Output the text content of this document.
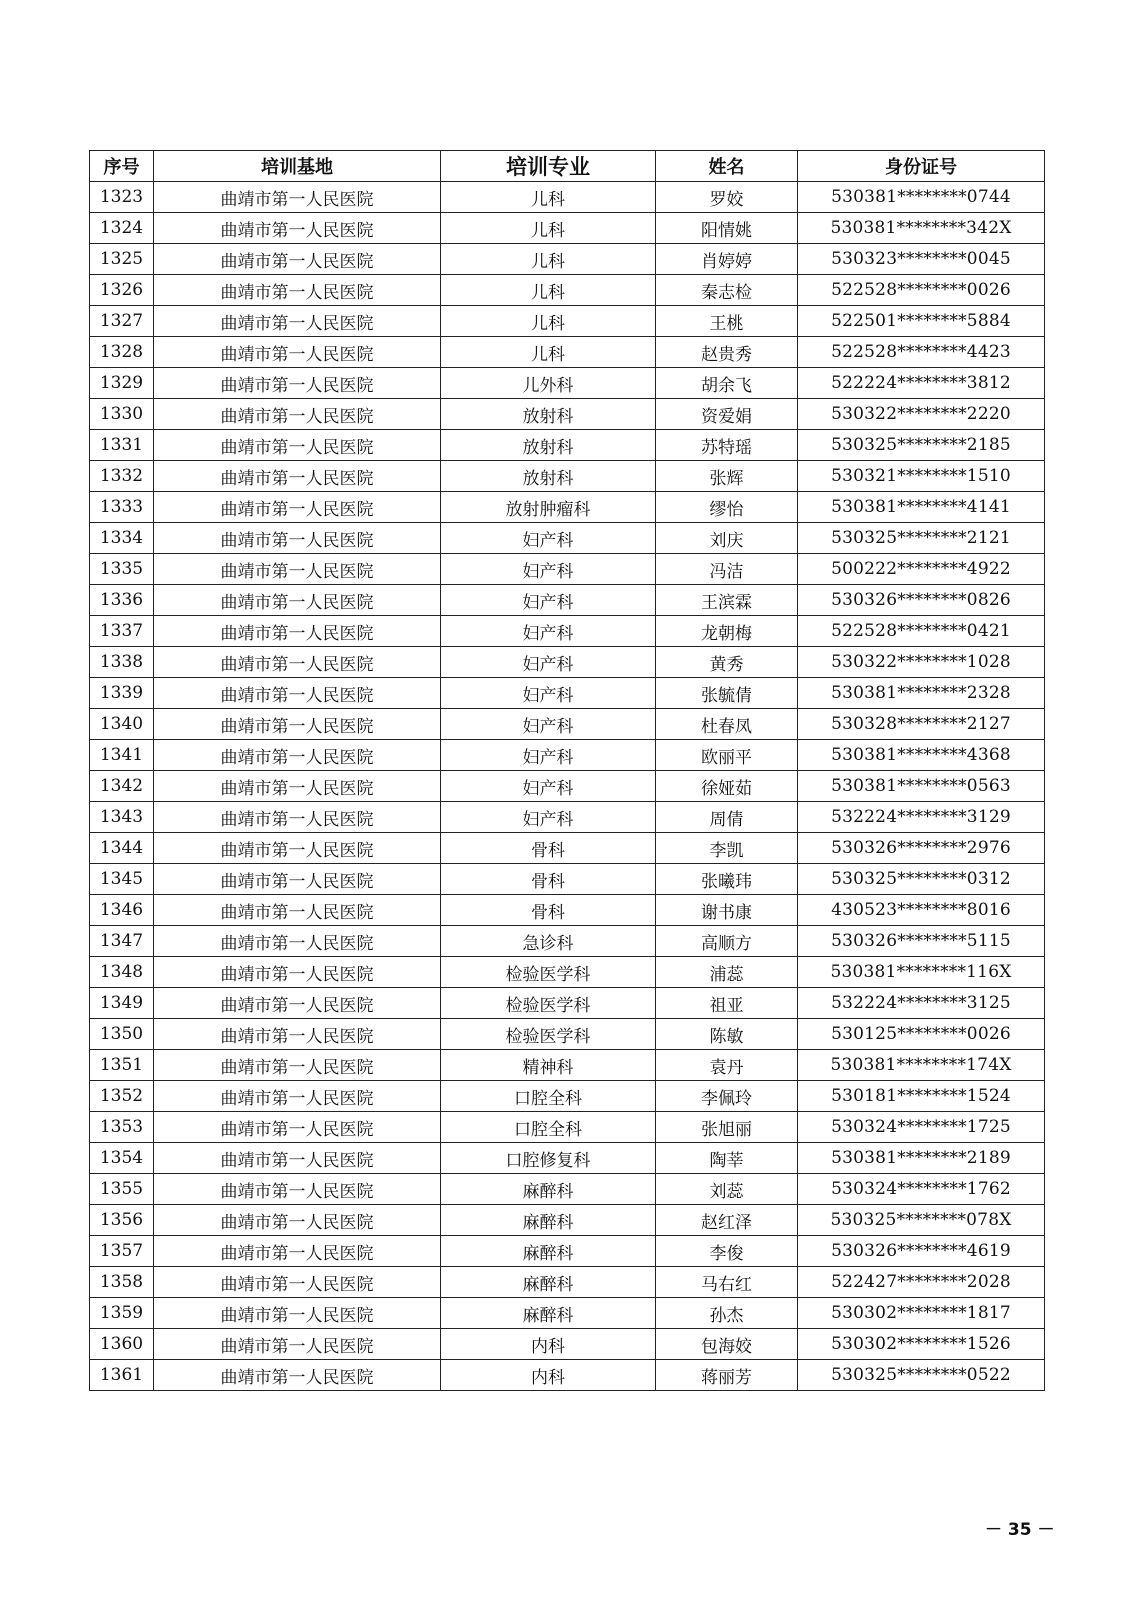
序号	培训基地	培训专业	姓名	身份证号
1323	曲靖市第一人民医院	儿科	罗姣	530381********0744
1324	曲靖市第一人民医院	儿科	阳情姚	530381********342X
1325	曲靖市第一人民医院	儿科	肖婷婷	530323********0045
1326	曲靖市第一人民医院	儿科	秦志检	522528********0026
1327	曲靖市第一人民医院	儿科	王桃	522501********5884
1328	曲靖市第一人民医院	儿科	赵贵秀	522528********4423
1329	曲靖市第一人民医院	儿外科	胡余飞	522224********3812
1330	曲靖市第一人民医院	放射科	资爱娟	530322********2220
1331	曲靖市第一人民医院	放射科	苏特瑶	530325********2185
1332	曲靖市第一人民医院	放射科	张辉	530321********1510
1333	曲靖市第一人民医院	放射肿瘤科	缪怡	530381********4141
1334	曲靖市第一人民医院	妇产科	刘庆	530325********2121
1335	曲靖市第一人民医院	妇产科	冯洁	500222********4922
1336	曲靖市第一人民医院	妇产科	王滨霖	530326********0826
1337	曲靖市第一人民医院	妇产科	龙朝梅	522528********0421
1338	曲靖市第一人民医院	妇产科	黄秀	530322********1028
1339	曲靖市第一人民医院	妇产科	张毓倩	530381********2328
1340	曲靖市第一人民医院	妇产科	杜春凤	530328********2127
1341	曲靖市第一人民医院	妇产科	欧丽平	530381********4368
1342	曲靖市第一人民医院	妇产科	徐娅茹	530381********0563
1343	曲靖市第一人民医院	妇产科	周倩	532224********3129
1344	曲靖市第一人民医院	骨科	李凯	530326********2976
1345	曲靖市第一人民医院	骨科	张曦玮	530325********0312
1346	曲靖市第一人民医院	骨科	谢书康	430523********8016
1347	曲靖市第一人民医院	急诊科	高顺方	530326********5115
1348	曲靖市第一人民医院	检验医学科	浦蕊	530381********116X
1349	曲靖市第一人民医院	检验医学科	祖亚	532224********3125
1350	曲靖市第一人民医院	检验医学科	陈敏	530125********0026
1351	曲靖市第一人民医院	精神科	袁丹	530381********174X
1352	曲靖市第一人民医院	口腔全科	李佩玲	530181********1524
1353	曲靖市第一人民医院	口腔全科	张旭丽	530324********1725
1354	曲靖市第一人民医院	口腔修复科	陶莘	530381********2189
1355	曲靖市第一人民医院	麻醉科	刘蕊	530324********1762
1356	曲靖市第一人民医院	麻醉科	赵红泽	530325********078X
1357	曲靖市第一人民医院	麻醉科	李俊	530326********4619
1358	曲靖市第一人民医院	麻醉科	马右红	522427********2028
1359	曲靖市第一人民医院	麻醉科	孙杰	530302********1817
1360	曲靖市第一人民医院	内科	包海姣	530302********1526
1361	曲靖市第一人民医院	内科	蒋丽芳	530325********0522
－ 35 －
